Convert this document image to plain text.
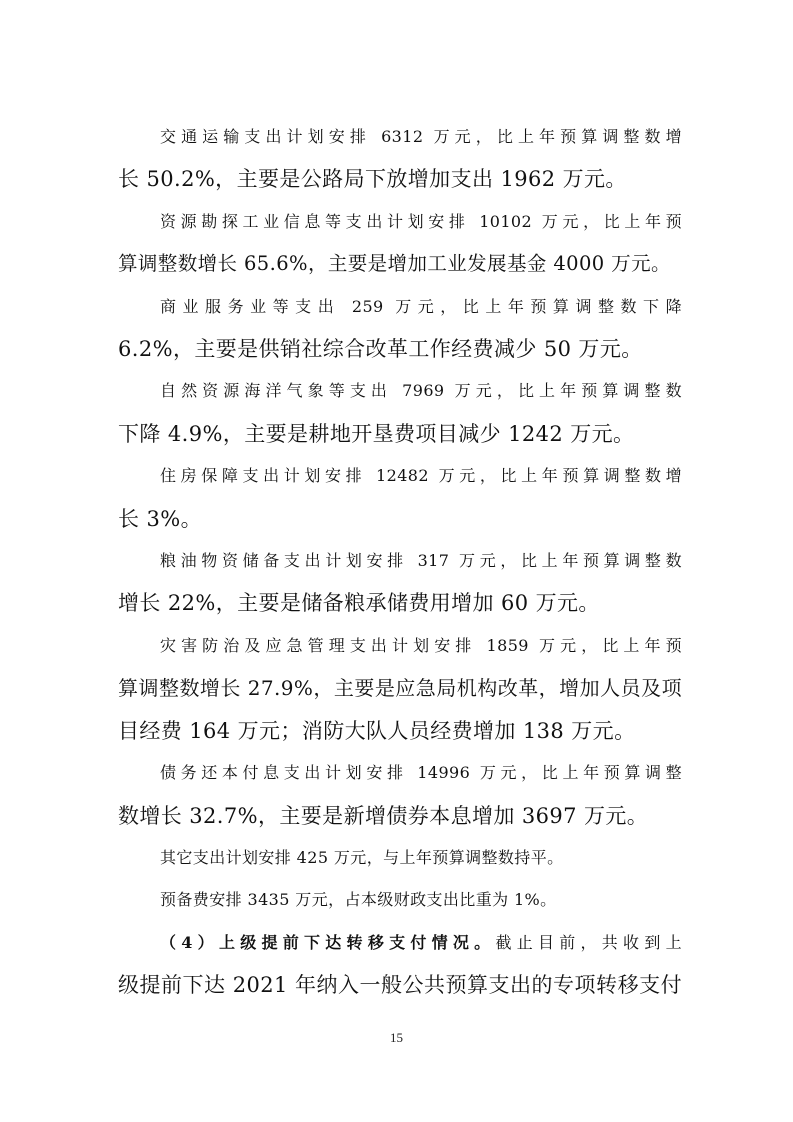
交通运输支出计划安排 6312 万元，比上年预算调整数增
长 50.2%，主要是公路局下放增加支出 1962 万元。

资源勘探工业信息等支出计划安排 10102 万元，比上年预
算调整数增长 65.6%，主要是增加工业发展基金 4000 万元。

商业服务业等支出 259 万元，比上年预算调整数下降
6.2%，主要是供销社综合改革工作经费减少 50 万元。

自然资源海洋气象等支出 7969 万元，比上年预算调整数
下降 4.9%，主要是耕地开垦费项目减少 1242 万元。

住房保障支出计划安排 12482 万元，比上年预算调整数增
长 3%。

粮油物资储备支出计划安排 317 万元，比上年预算调整数
增长 22%，主要是储备粮承储费用增加 60 万元。

灾害防治及应急管理支出计划安排 1859 万元，比上年预
算调整数增长 27.9%，主要是应急局机构改革，增加人员及项
目经费 164 万元；消防大队人员经费增加 138 万元。

债务还本付息支出计划安排 14996 万元，比上年预算调整
数增长 32.7%，主要是新增债券本息增加 3697 万元。

其它支出计划安排 425 万元，与上年预算调整数持平。

预备费安排 3435 万元，占本级财政支出比重为 1%。

（4）上级提前下达转移支付情况。截止目前，共收到上
级提前下达 2021 年纳入一般公共预算支出的专项转移支付

15
